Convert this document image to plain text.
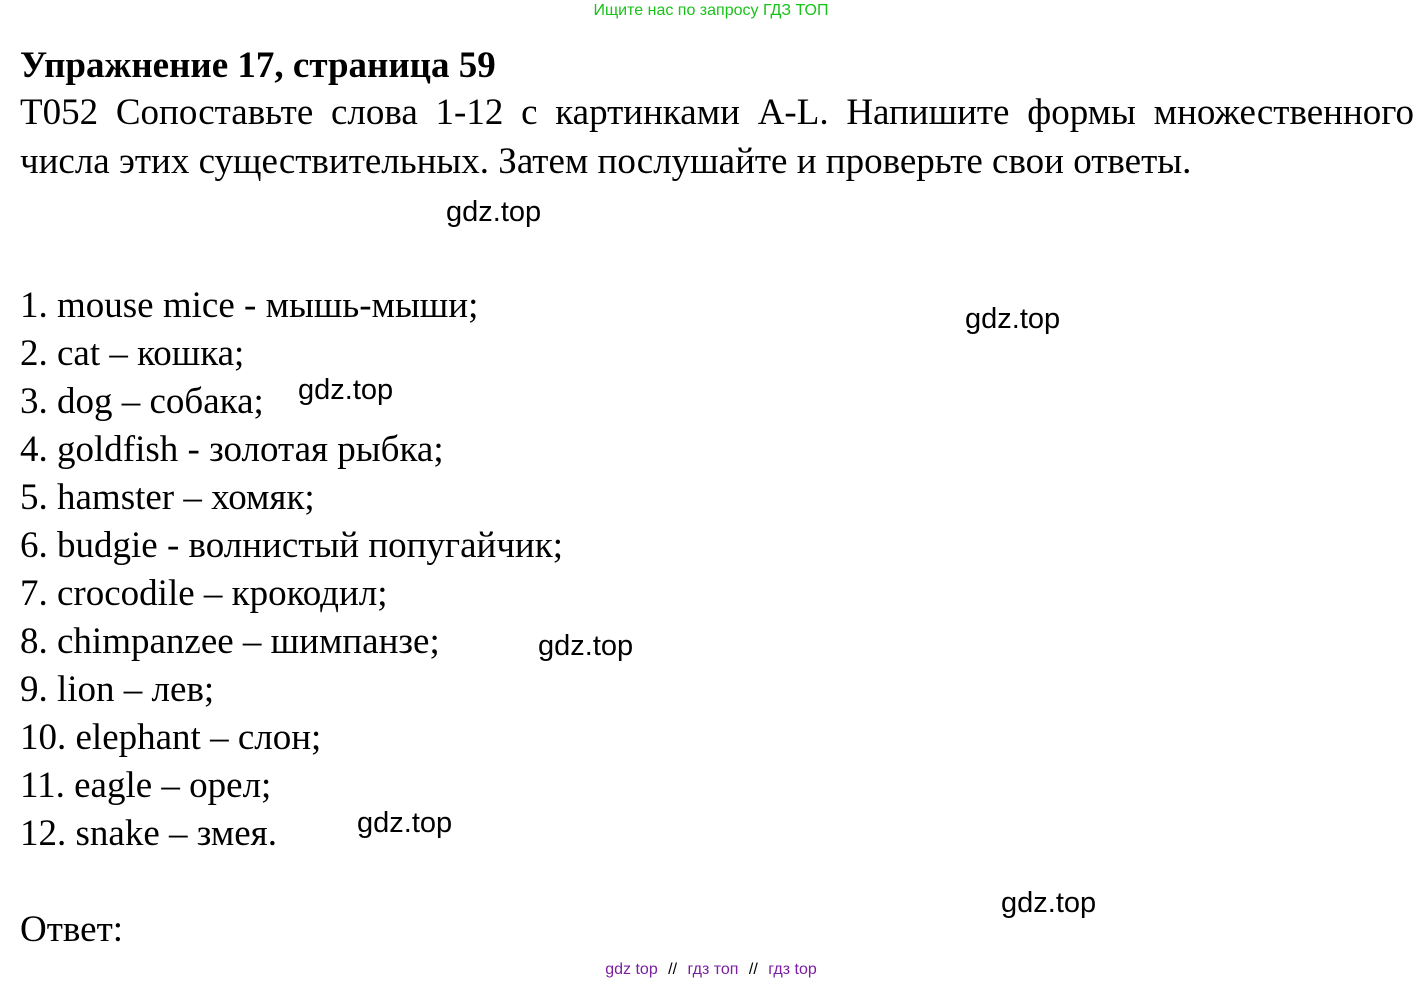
Ищите нас по запросу ГДЗ ТОП
Упражнение 17, страница 59

T052 Сопоставьте слова 1-12 с картинками A-L. Напишите формы множественного числа этих существительных. Затем послушайте и проверьте свои ответы.

1. mouse mice - мышь-мыши;
2. cat – кошка;
3. dog – собака;
4. goldfish - золотая рыбка;
5. hamster – хомяк;
6. budgie - волнистый попугайчик;
7. crocodile – крокодил;
8. chimpanzee – шимпанзе;
9. lion – лев;
10. elephant – слон;
11. eagle – орел;
12. snake – змея.
Ответ:
gdz.top
gdz.top
gdz.top
gdz.top
gdz.top
gdz.top
gdz top // гдз топ // гдз top
